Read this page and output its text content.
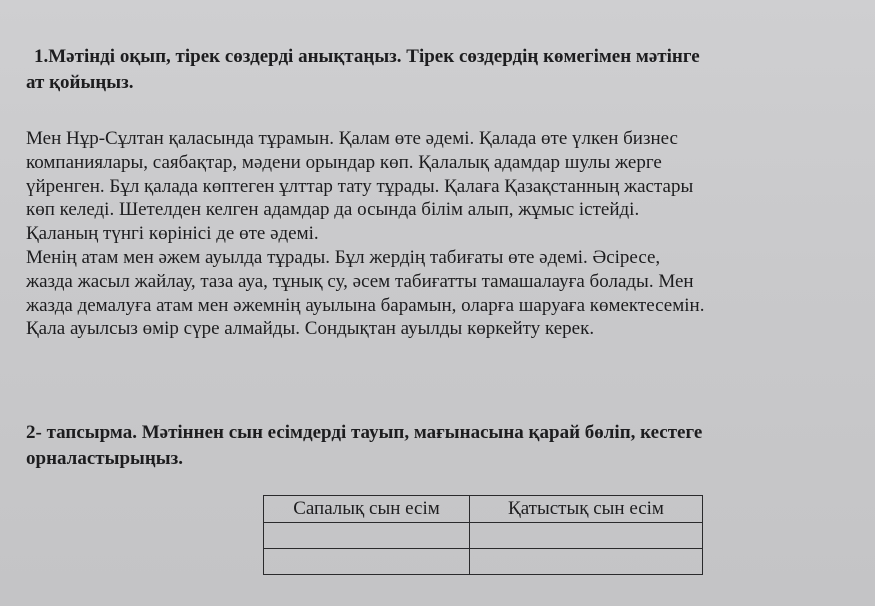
1.Мәтінді оқып, тірек сөздерді анықтаңыз. Тірек сөздердің көмегімен мәтінге
ат қойыңыз.

Мен Нұр-Сұлтан қаласында тұрамын. Қалам өте әдемі. Қалада өте үлкен бизнес
компаниялары, саябақтар, мәдени орындар көп. Қалалық адамдар шулы жерге
үйренген. Бұл қалада көптеген ұлттар тату тұрады. Қалаға Қазақстанның жастары
көп келеді. Шетелден келген адамдар да осында білім алып, жұмыс істейді.
Қаланың түнгі көрінісі де өте әдемі.
Менің атам мен әжем ауылда тұрады. Бұл жердің табиғаты өте әдемі. Әсіресе,
жазда жасыл жайлау, таза ауа, тұнық су, әсем табиғатты тамашалауға болады. Мен
жазда демалуға атам мен әжемнің ауылына барамын, оларға шаруаға көмектесемін.
Қала ауылсыз өмір сүре алмайды. Сондықтан ауылды көркейту керек.

2- тапсырма. Мәтіннен сын есімдерді тауып, мағынасына қарай бөліп, кестеге
орналастырыңыз.

Сапалық сын есім	Қатыстық сын есім
